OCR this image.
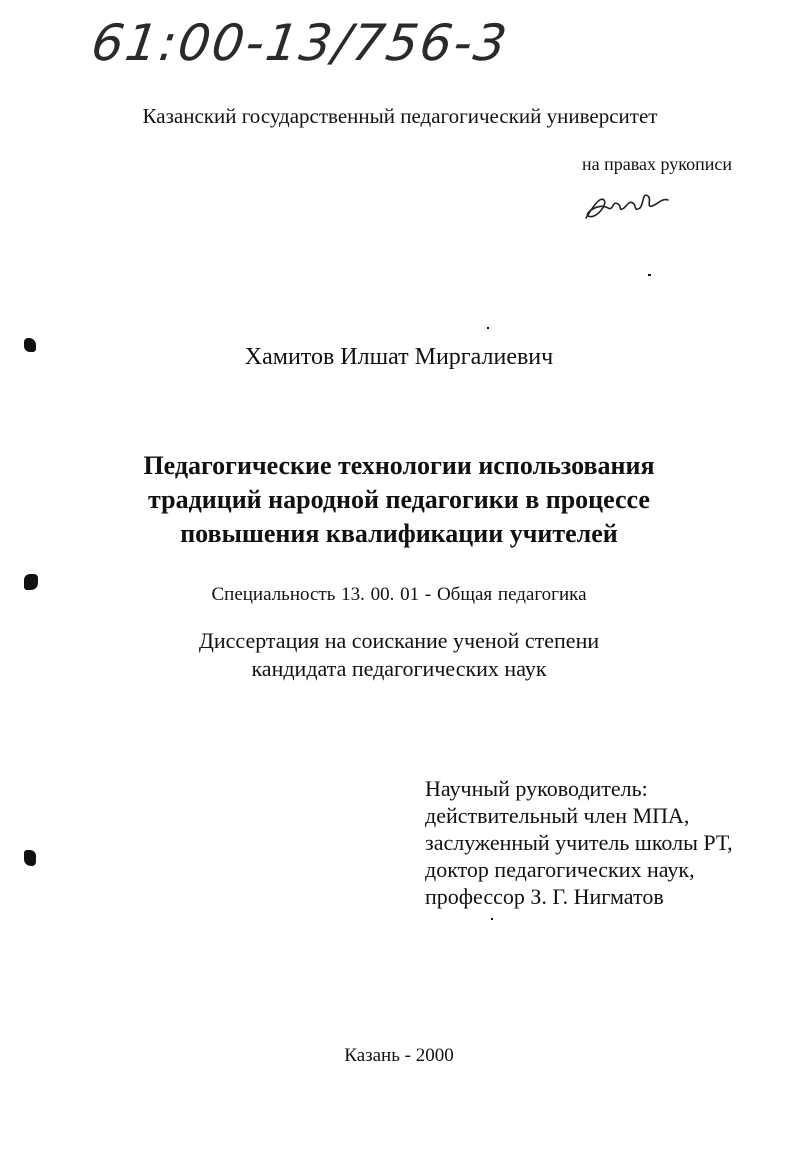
61:00-13/756-3
Казанский государственный педагогический университет
на правах рукописи
Хамитов Илшат Миргалиевич
Педагогические технологии использования
традиций народной педагогики в процессе
повышения квалификации учителей
Специальность 13. 00. 01 - Общая педагогика
Диссертация на соискание ученой степени
кандидата педагогических наук
Научный руководитель:
действительный член МПА,
заслуженный учитель школы РТ,
доктор педагогических наук,
профессор З. Г. Нигматов
Казань - 2000
